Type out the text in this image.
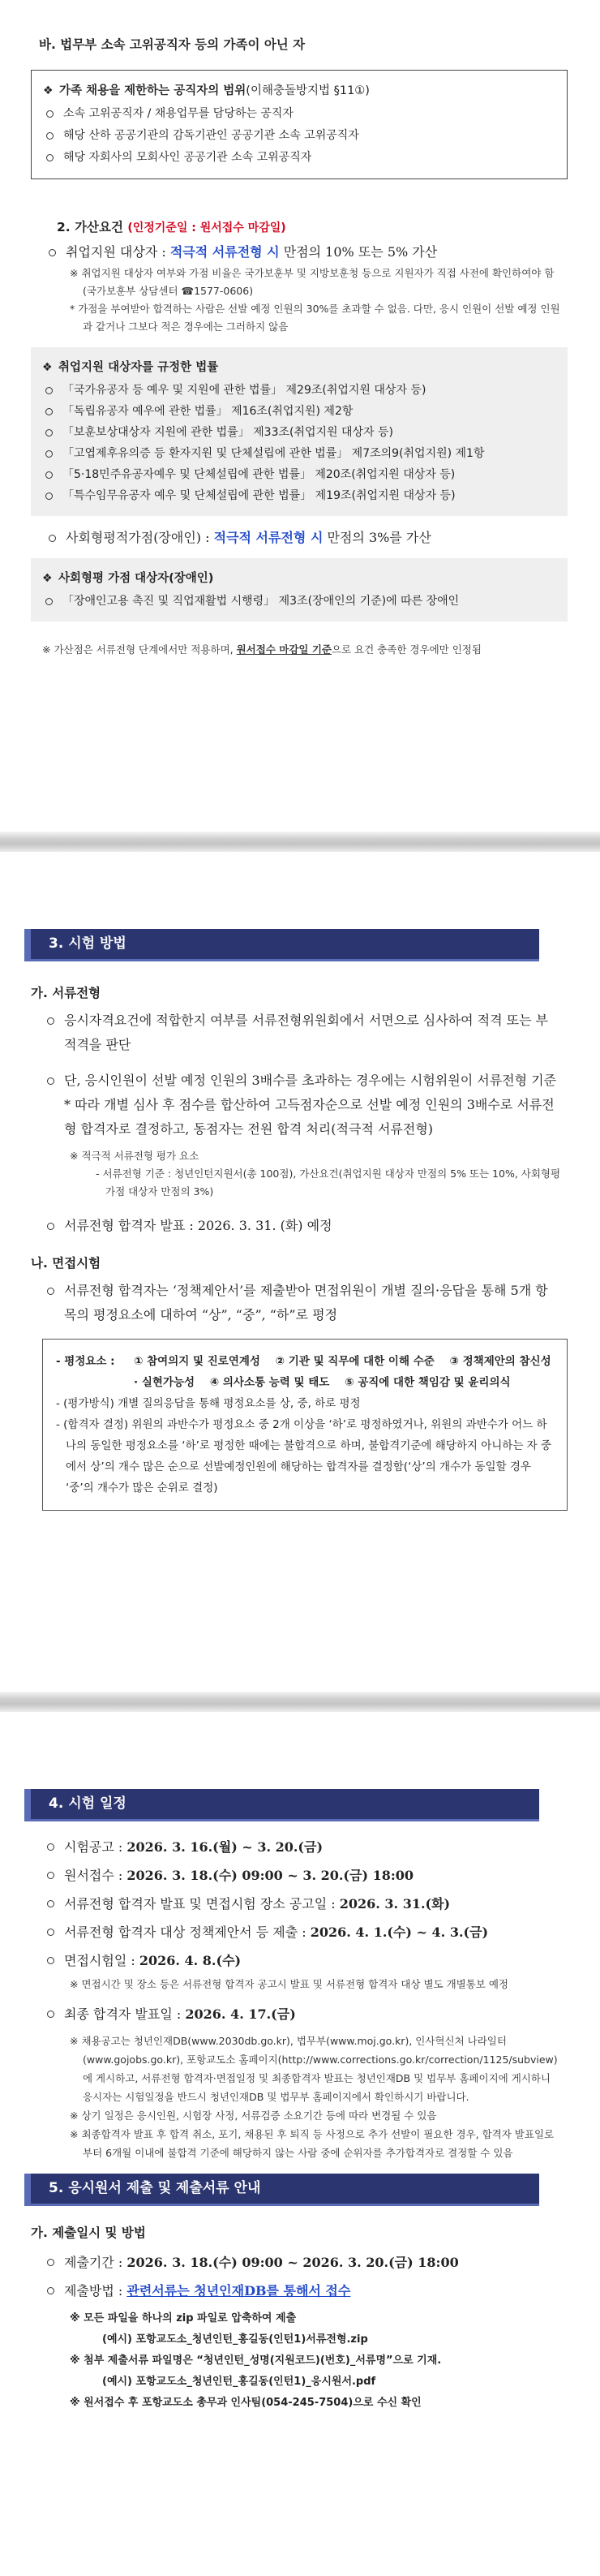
바. 법무부 소속 고위공직자 등의 가족이 아닌 자
❖가족 채용을 제한하는 공직자의 범위(이해충돌방지법 §11①)
소속 고위공직자 / 채용업무를 담당하는 공직자
해당 산하 공공기관의 감독기관인 공공기관 소속 고위공직자
해당 자회사의 모회사인 공공기관 소속 고위공직자
2. 가산요건 (인정기준일 : 원서접수 마감일)
취업지원 대상자 : 적극적 서류전형 시 만점의 10% 또는 5% 가산
※ 취업지원 대상자 여부와 가점 비율은 국가보훈부 및 지방보훈청 등으로 지원자가 직접 사전에 확인하여야 함(국가보훈부 상담센터 ☎1577-0606)
* 가점을 부여받아 합격하는 사람은 선발 예정 인원의 30%를 초과할 수 없음. 다만, 응시 인원이 선발 예정 인원과 같거나 그보다 적은 경우에는 그러하지 않음
❖취업지원 대상자를 규정한 법률
「국가유공자 등 예우 및 지원에 관한 법률」 제29조(취업지원 대상자 등)
「독립유공자 예우에 관한 법률」 제16조(취업지원) 제2항
「보훈보상대상자 지원에 관한 법률」 제33조(취업지원 대상자 등)
「고엽제후유의증 등 환자지원 및 단체설립에 관한 법률」 제7조의9(취업지원) 제1항
「5·18민주유공자예우 및 단체설립에 관한 법률」 제20조(취업지원 대상자 등)
「특수임무유공자 예우 및 단체설립에 관한 법률」 제19조(취업지원 대상자 등)
사회형평적가점(장애인) : 적극적 서류전형 시 만점의 3%를 가산
❖사회형평 가점 대상자(장애인)
「장애인고용 촉진 및 직업재활법 시행령」 제3조(장애인의 기준)에 따른 장애인
※ 가산점은 서류전형 단계에서만 적용하며, 원서접수 마감일 기준으로 요건 충족한 경우에만 인정됨
3. 시험 방법
가. 서류전형
응시자격요건에 적합한지 여부를 서류전형위원회에서 서면으로 심사하여 적격 또는 부적격을 판단
단, 응시인원이 선발 예정 인원의 3배수를 초과하는 경우에는 시험위원이 서류전형 기준* 따라 개별 심사 후 점수를 합산하여 고득점자순으로 선발 예정 인원의 3배수로 서류전형 합격자로 결정하고, 동점자는 전원 합격 처리(적극적 서류전형)
※ 적극적 서류전형 평가 요소
- 서류전형 기준 : 청년인턴지원서(총 100점), 가산요건(취업지원 대상자 만점의 5% 또는 10%, 사회형평가점 대상자 만점의 3%)
서류전형 합격자 발표 : 2026. 3. 31. (화) 예정
나. 면접시험
서류전형 합격자는 ‘정책제안서’를 제출받아 면접위원이 개별 질의·응답을 통해 5개 항목의 평정요소에 대하여 “상”, “중”, “하”로 평정
- 평정요소 :	① 참여의지 및 진로연계성 ② 기관 및 직무에 대한 이해 수준 ③ 정책제안의 참신성 · 실현가능성 ④ 의사소통 능력 및 태도 ⑤ 공직에 대한 책임감 및 윤리의식
- (평가방식) 개별 질의응답을 통해 평정요소를 상, 중, 하로 평정
- (합격자 결정) 위원의 과반수가 평정요소 중 2개 이상을 ‘하’로 평정하였거나, 위원의 과반수가 어느 하나의 동일한 평정요소를 ‘하’로 평정한 때에는 불합격으로 하며, 불합격기준에 해당하지 아니하는 자 중에서 상’의 개수 많은 순으로 선발예정인원에 해당하는 합격자를 결정함(‘상’의 개수가 동일할 경우 ‘중’의 개수가 많은 순위로 결정)
4. 시험 일정
시험공고 : 2026. 3. 16.(월) ~ 3. 20.(금)
원서접수 : 2026. 3. 18.(수) 09:00 ~ 3. 20.(금) 18:00
서류전형 합격자 발표 및 면접시험 장소 공고일 : 2026. 3. 31.(화)
서류전형 합격자 대상 정책제안서 등 제출 : 2026. 4. 1.(수) ~ 4. 3.(금)
면접시험일 : 2026. 4. 8.(수)
※ 면접시간 및 장소 등은 서류전형 합격자 공고시 발표 및 서류전형 합격자 대상 별도 개별통보 예정
최종 합격자 발표일 : 2026. 4. 17.(금)
※ 채용공고는 청년인재DB(www.2030db.go.kr), 법무부(www.moj.go.kr), 인사혁신처 나라일터(www.gojobs.go.kr), 포항교도소 홈페이지(http://www.corrections.go.kr/correction/1125/subview)에 게시하고, 서류전형 합격자·면접일정 및 최종합격자 발표는 청년인재DB 및 법무부 홈페이지에 게시하니 응시자는 시험일정을 반드시 청년인재DB 및 법무부 홈페이지에서 확인하시기 바랍니다.
※ 상기 일정은 응시인원, 시험장 사정, 서류검증 소요기간 등에 따라 변경될 수 있음
※ 최종합격자 발표 후 합격 취소, 포기, 채용된 후 퇴직 등 사정으로 추가 선발이 필요한 경우, 합격자 발표일로부터 6개월 이내에 불합격 기준에 해당하지 않는 사람 중에 순위자를 추가합격자로 결정할 수 있음
5. 응시원서 제출 및 제출서류 안내
가. 제출일시 및 방법
제출기간 : 2026. 3. 18.(수) 09:00 ~ 2026. 3. 20.(금) 18:00
제출방법 : 관련서류는 청년인재DB를 통해서 접수
※ 모든 파일을 하나의 zip 파일로 압축하여 제출
(예시) 포항교도소_청년인턴_홍길동(인턴1)서류전형.zip
※ 첨부 제출서류 파일명은 “청년인턴_성명(지원코드)(번호)_서류명”으로 기재.
(예시) 포항교도소_청년인턴_홍길동(인턴1)_응시원서.pdf
※ 원서접수 후 포항교도소 총무과 인사팀(054-245-7504)으로 수신 확인
